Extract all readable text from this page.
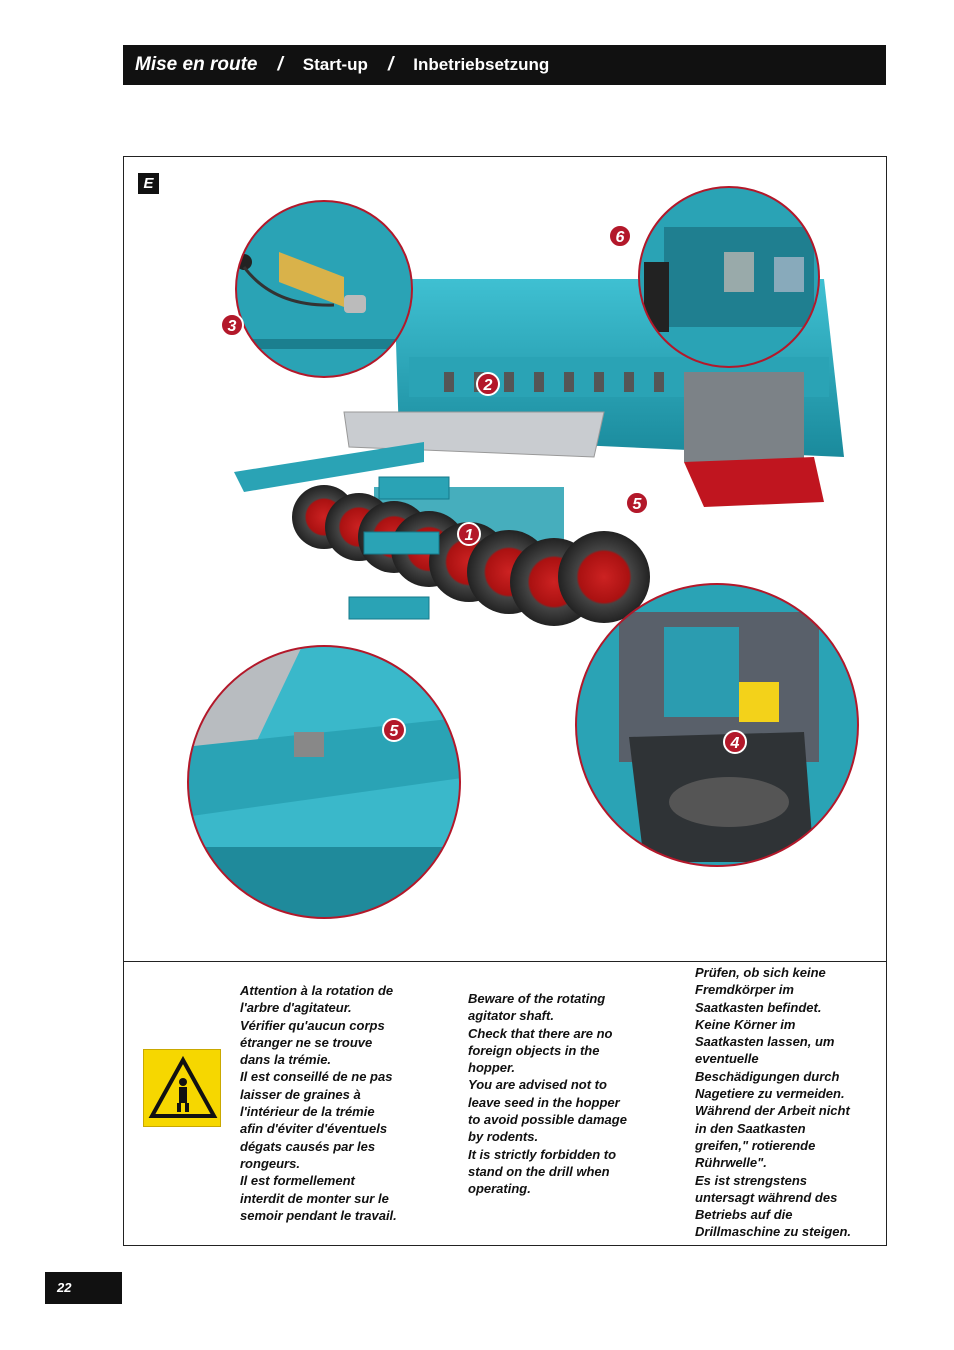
Mise en route / Start-up / Inbetriebsetzung
1
2
3
4
5
5
6
E

Attention à la rotation de

l'arbre d'agitateur.

Vérifier qu'aucun corps

étranger ne se trouve

dans la trémie.

Il est conseillé de ne pas

laisser de graines à

l'intérieur de la trémie

afin d'éviter d'éventuels

dégats causés par les

rongeurs.

Il est formellement

interdit de monter sur le

semoir pendant le travail.

Beware of the rotating

agitator shaft.

Check that there are no

foreign objects in the

hopper.

You are advised not to

leave seed in the hopper

to avoid possible damage

by rodents.

It is strictly forbidden to

stand on the drill when

operating.

Prüfen, ob sich keine

Fremdkörper im

Saatkasten befindet.

Keine Körner im

Saatkasten lassen, um

eventuelle

Beschädigungen durch

Nagetiere zu vermeiden.

Während der Arbeit nicht

in den Saatkasten

greifen," rotierende

Rührwelle".

Es ist strengstens

untersagt während des

Betriebs auf die

Drillmaschine zu steigen.

22
